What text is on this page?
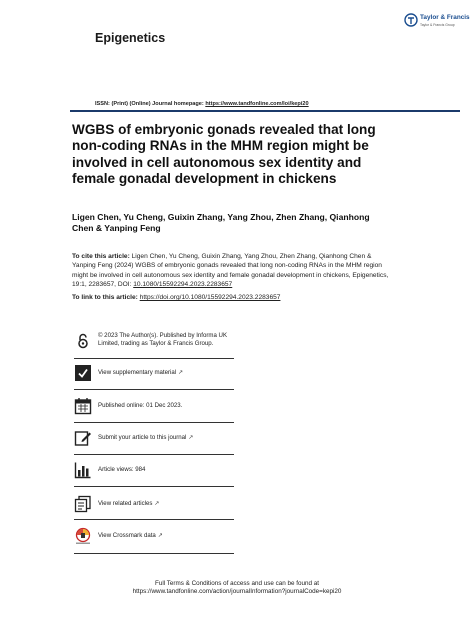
Epigenetics
Taylor & Francis
Taylor & Francis Group
ISSN: (Print) (Online) Journal homepage: https://www.tandfonline.com/loi/kepi20
WGBS of embryonic gonads revealed that long non-coding RNAs in the MHM region might be involved in cell autonomous sex identity and female gonadal development in chickens
Ligen Chen, Yu Cheng, Guixin Zhang, Yang Zhou, Zhen Zhang, Qianhong Chen & Yanping Feng
To cite this article: Ligen Chen, Yu Cheng, Guixin Zhang, Yang Zhou, Zhen Zhang, Qianhong Chen & Yanping Feng (2024) WGBS of embryonic gonads revealed that long non-coding RNAs in the MHM region might be involved in cell autonomous sex identity and female gonadal development in chickens, Epigenetics, 19:1, 2283657, DOI: 10.1080/15592294.2023.2283657
To link to this article: https://doi.org/10.1080/15592294.2023.2283657
© 2023 The Author(s). Published by Informa UK Limited, trading as Taylor & Francis Group.
View supplementary material ↗
Published online: 01 Dec 2023.
Submit your article to this journal ↗
Article views: 984
View related articles ↗
View Crossmark data ↗
Full Terms & Conditions of access and use can be found at
https://www.tandfonline.com/action/journalInformation?journalCode=kepi20
